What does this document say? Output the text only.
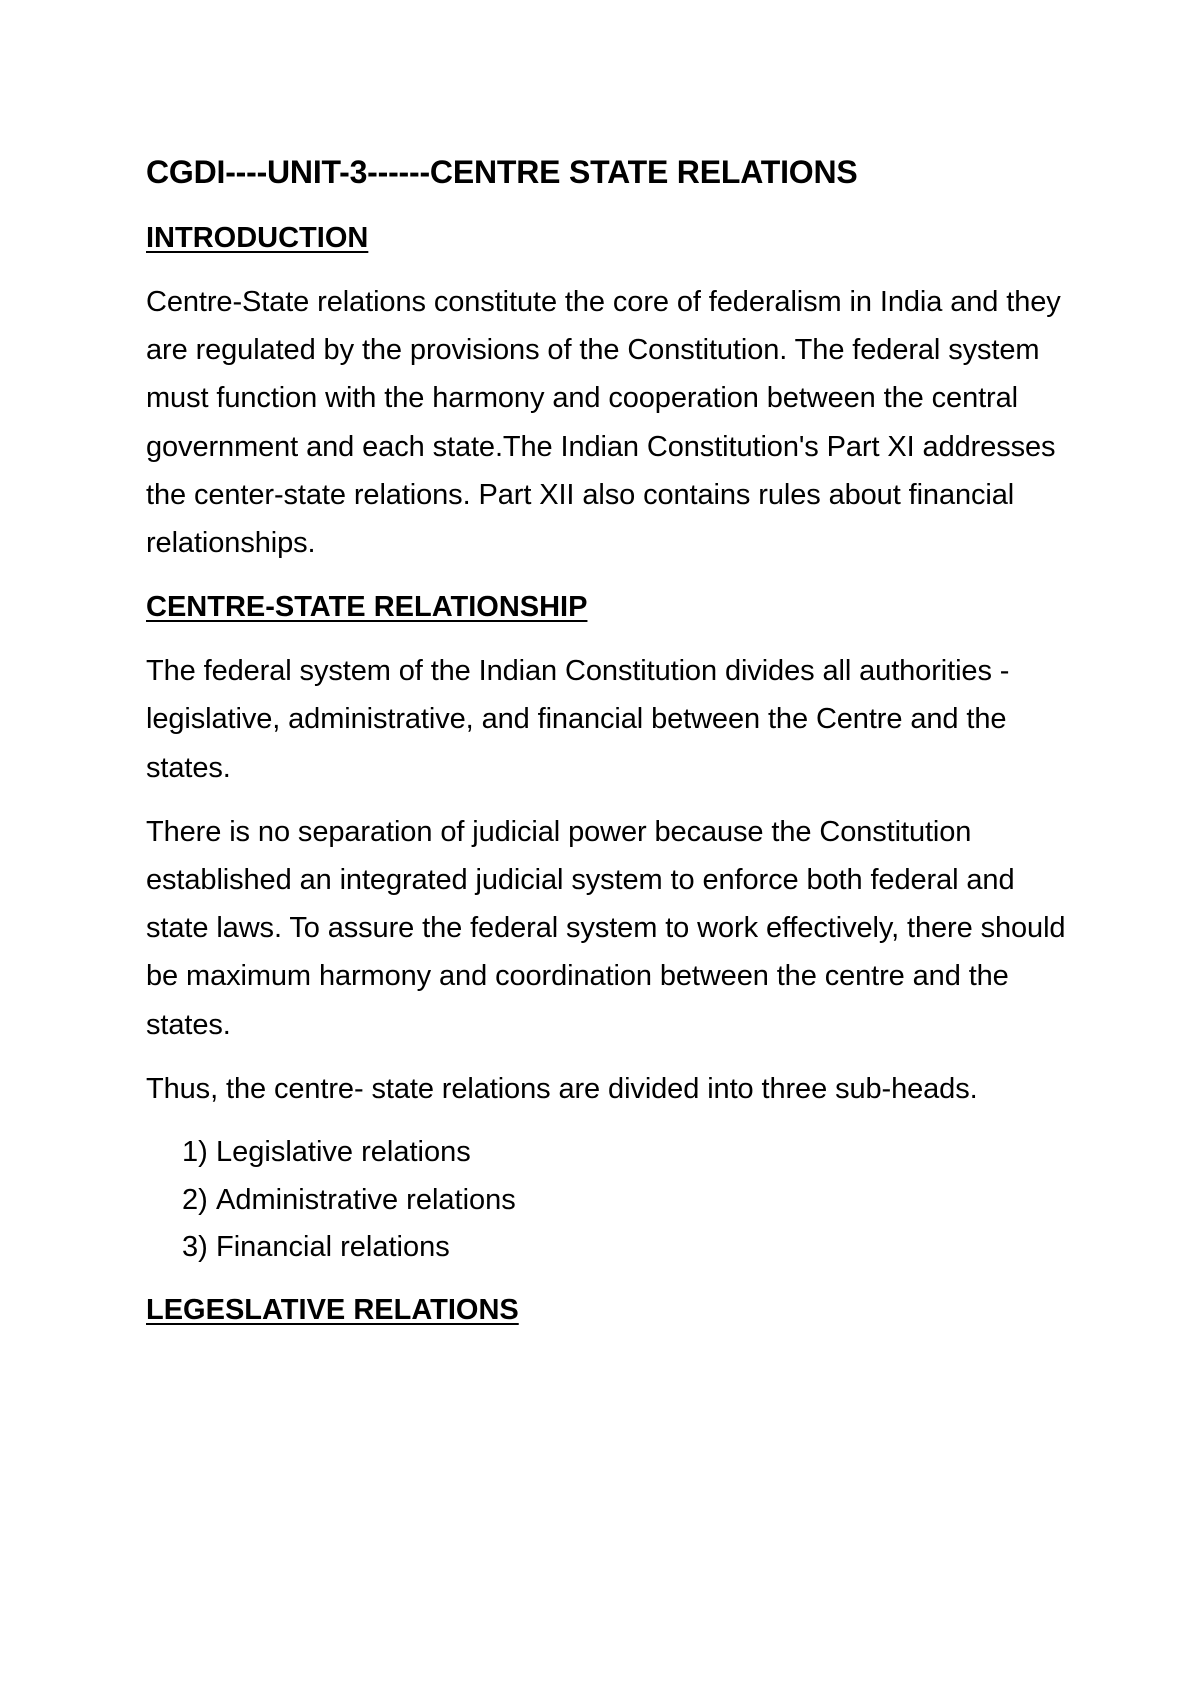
CGDI----UNIT-3------CENTRE STATE RELATIONS
INTRODUCTION

Centre-State relations constitute the core of federalism in India and they are regulated by the provisions of the Constitution. The federal system must function with the harmony and cooperation between the central government and each state.The Indian Constitution's Part XI addresses the center-state relations. Part XII also contains rules about financial relationships.

CENTRE-STATE RELATIONSHIP

The federal system of the Indian Constitution divides all authorities - legislative, administrative, and financial between the Centre and the states.

There is no separation of judicial power because the Constitution established an integrated judicial system to enforce both federal and state laws. To assure the federal system to work effectively, there should be maximum harmony and coordination between the centre and the states.

Thus, the centre- state relations are divided into three sub-heads.

1) Legislative relations
2) Administrative relations
3) Financial relations
LEGESLATIVE RELATIONS
